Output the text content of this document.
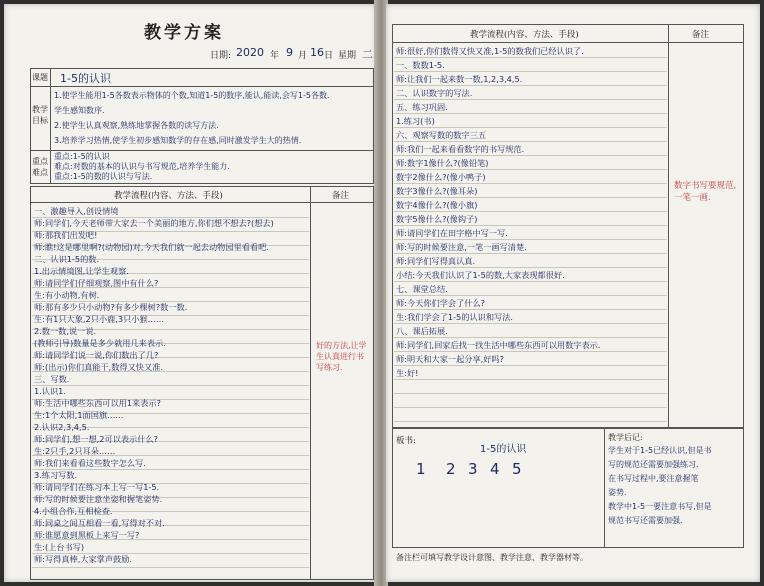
教学方案
日期: 2020 年 9 月 16 日 星期 二
课题 1-5的认识
教学目标
1.使学生能用1-5各数表示物体的个数,知道1-5的数序,能认,能读,会写1-5各数.
学生感知数序.
2.使学生认真观察,熟练地掌握各数的读写方法.
3.培养学习热情,使学生初步感知数学的存在感,同时激发学生大的热情.
重点难点
重点:1-5的认识
难点:对数的基本的认识与书写规范,培养学生能力.
重点:1-5的数的认识与写法.
教学流程(内容、方法、手段)	备注
一、激趣导入,创设情境
师:同学们,今天老师带大家去一个美丽的地方,你们想不想去?(想去)
师:那我们出发吧!
师:瞧!这是哪里啊?(动物园)对,今天我们就一起去动物园里看看吧.
二、认识1-5的数.
1.出示情境图,让学生观察.
师:请同学们仔细观察,图中有什么?
生:有小动物,有树.
师:那有多少只小动物?有多少棵树?数一数.
生:有1只大象,2只小鹿,3只小猴……
2.数一数,说一说.
(教师引导)数量是多少就用几来表示.
师:请同学们说一说,你们数出了几?
师:(出示)你们真能干,数得又快又准.
三、写数.
1.认识1.
师:生活中哪些东西可以用1来表示?
生:1个太阳,1面国旗……
2.认识2,3,4,5.
师:同学们,想一想,2可以表示什么?
生:2只手,2只耳朵……
师:我们来看看这些数字怎么写.
3.练习写数.
师:请同学们在练习本上写一写1-5.
师:写的时候要注意坐姿和握笔姿势.
4.小组合作,互相检查.
师:同桌之间互相看一看,写得对不对.
师:谁愿意到黑板上来写一写?
生:(上台书写)
师:写得真棒,大家掌声鼓励.
好的方法,让学生认真进行书写练习.
教学流程(内容、方法、手段)	备注
师:很好,你们数得又快又准,1-5的数我们已经认识了.
一、数数1-5.
师:让我们一起来数一数,1,2,3,4,5.
二、认识数字的写法.
五、练习巩固.
1.练习(书)
六、观察写数的数字三五
师:我们一起来看看数字的书写规范.
师:数字1像什么?(像铅笔)
数字2像什么?(像小鸭子)
数字3像什么?(像耳朵)
数字4像什么?(像小旗)
数字5像什么?(像钩子)
师:请同学们在田字格中写一写.
师:写的时候要注意,一笔一画写清楚.
师:同学们写得真认真.
小结:今天我们认识了1-5的数,大家表现都很好.
七、课堂总结.
师:今天你们学会了什么?
生:我们学会了1-5的认识和写法.
八、课后拓展.
师:同学们,回家后找一找生活中哪些东西可以用数字表示.
师:明天和大家一起分享,好吗?
生:好!
数字书写要规范,一笔一画.
板书:
1-5的认识
1 2 3 4 5
教学后记:
学生对于1-5已经认识,但是书
写的规范还需要加强练习.
在书写过程中,要注意握笔
姿势.
教学中1-5一要注意书写,但是
规范书写还需要加强.
备注栏可填写教学设计意图、教学注意、教学器材等。
